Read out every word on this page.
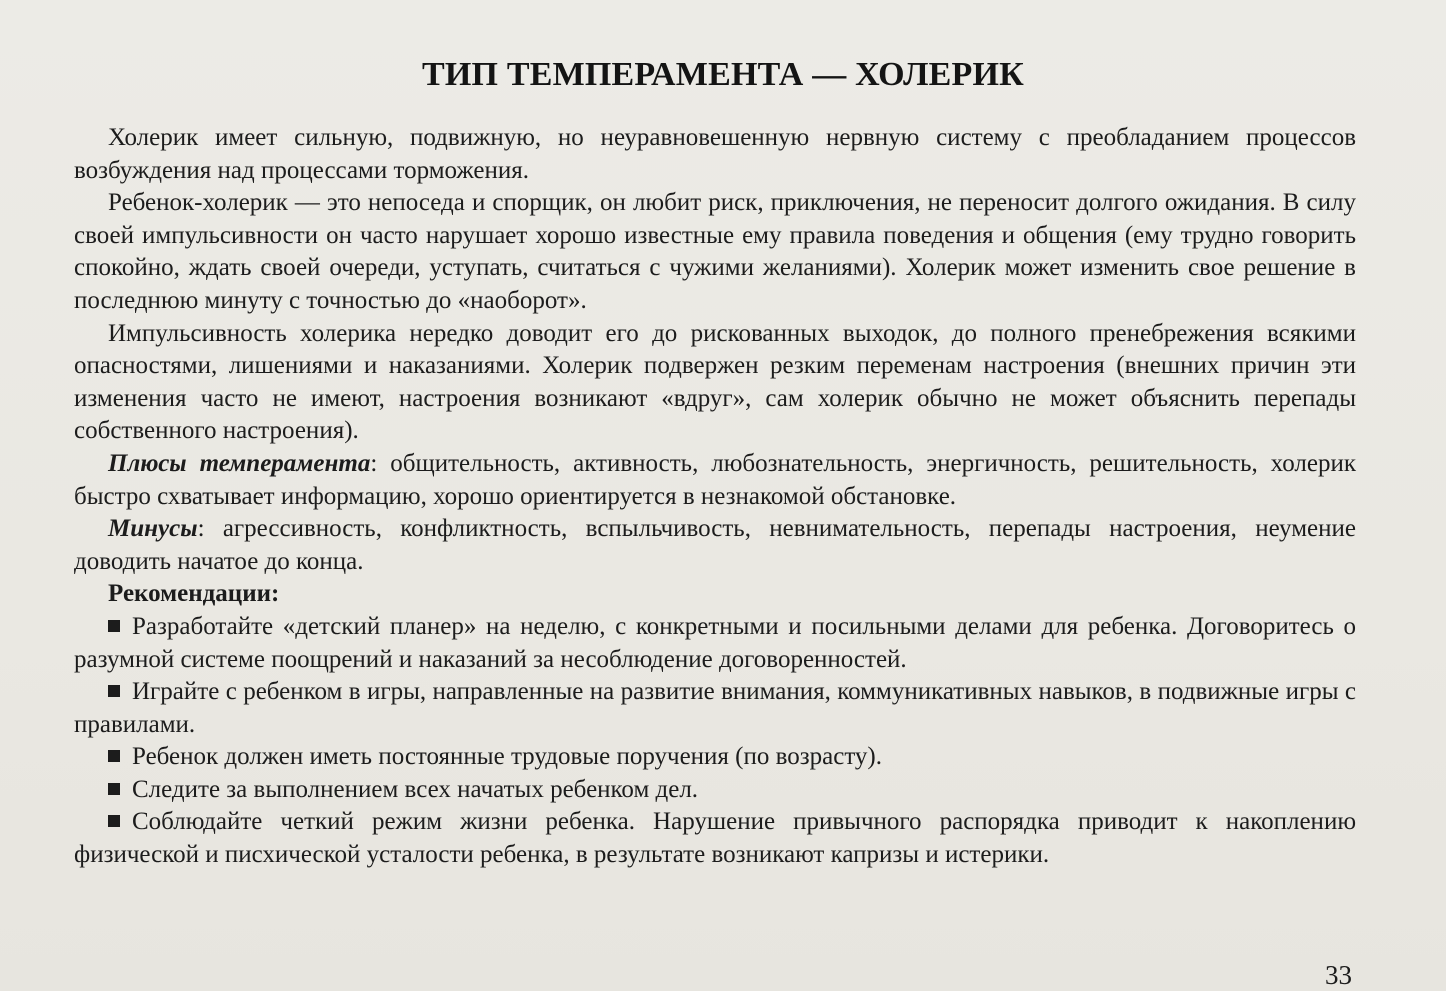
ТИП ТЕМПЕРАМЕНТА — ХОЛЕРИК

Холерик имеет сильную, подвижную, но неуравновешенную нервную систему с преобладанием процессов возбуждения над процессами торможения.

Ребенок-холерик — это непоседа и спорщик, он любит риск, приключения, не переносит долгого ожидания. В силу своей импульсивности он часто нарушает хорошо известные ему правила поведения и общения (ему трудно говорить спокойно, ждать своей очереди, уступать, считаться с чужими желаниями). Холерик может изменить свое решение в последнюю минуту с точностью до «наоборот».

Импульсивность холерика нередко доводит его до рискованных выходок, до полного пренебрежения всякими опасностями, лишениями и наказаниями. Холерик подвержен резким переменам настроения (внешних причин эти изменения часто не имеют, настроения возникают «вдруг», сам холерик обычно не может объяснить перепады собственного настроения).

Плюсы темперамента: общительность, активность, любознательность, энергичность, решительность, холерик быстро схватывает информацию, хорошо ориентируется в незнакомой обстановке.

Минусы: агрессивность, конфликтность, вспыльчивость, невнимательность, перепады настроения, неумение доводить начатое до конца.

Рекомендации:

Разработайте «детский планер» на неделю, с конкретными и посильными делами для ребенка. Договоритесь о разумной системе поощрений и наказаний за несоблюдение договоренностей.

Играйте с ребенком в игры, направленные на развитие внимания, коммуникативных навыков, в подвижные игры с правилами.

Ребенок должен иметь постоянные трудовые поручения (по возрасту).

Следите за выполнением всех начатых ребенком дел.

Соблюдайте четкий режим жизни ребенка. Нарушение привычного распорядка приводит к накоплению физической и писхической усталости ребенка, в результате возникают капризы и истерики.

33
